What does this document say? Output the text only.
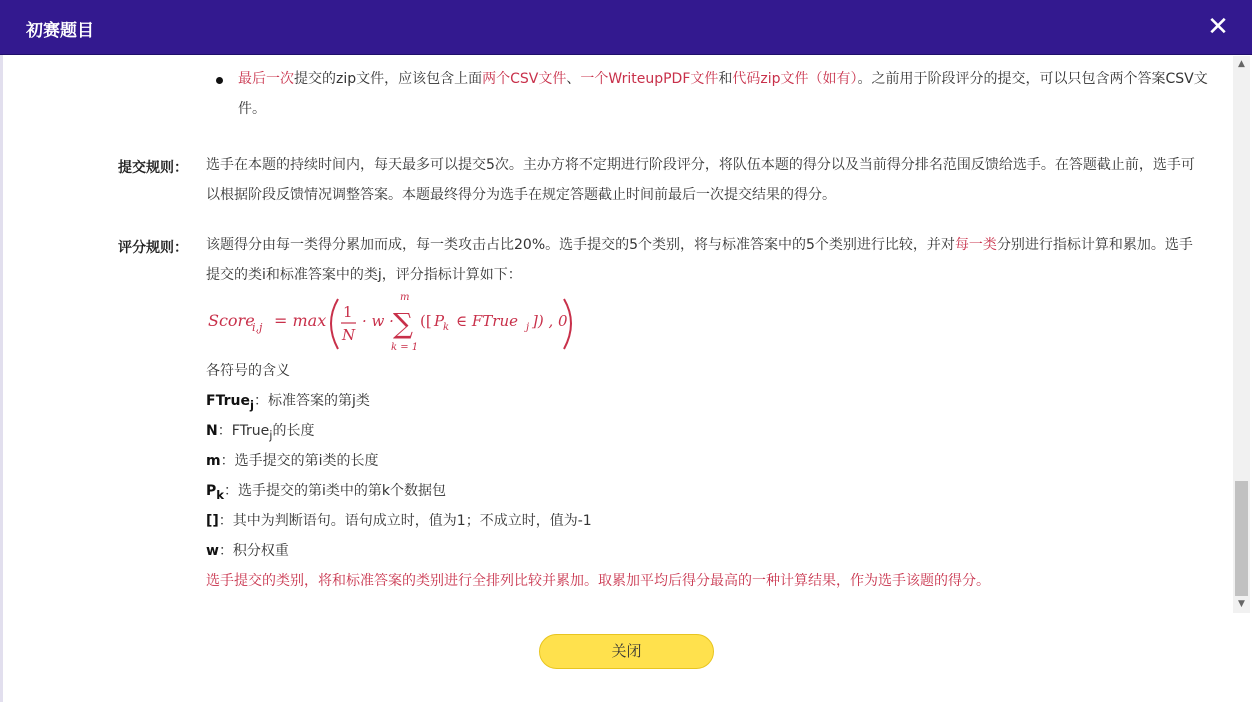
初赛题目	✕
最后一次提交的zip文件，应该包含上面两个CSV文件、一个WriteupPDF文件和代码zip文件（如有）。之前用于阶段评分的提交，可以只包含两个答案CSV文件。
提交规则： 选手在本题的持续时间内，每天最多可以提交5次。主办方将不定期进行阶段评分，将队伍本题的得分以及当前得分排名范围反馈给选手。在答题截止前，选手可以根据阶段反馈情况调整答案。本题最终得分为选手在规定答题截止时间前最后一次提交结果的得分。
评分规则： 该题得分由每一类得分累加而成，每一类攻击占比20%。选手提交的5个类别，将与标准答案中的5个类别进行比较，并对每一类分别进行指标计算和累加。选手提交的类i和标准答案中的类j，评分指标计算如下：
Score
i,j = max 1
N
· w ·
m
∑
k = 1
([ P
k ∈ FTrue j ]) , 0
各符号的含义
FTrue$_j$：标准答案的第j类
N：FTrue$_j$的长度
m：选手提交的第i类的长度
$P_k$：选手提交的第i类中的第k个数据包
[]：其中为判断语句。语句成立时，值为1；不成立时，值为-1
w：积分权重
选手提交的类别，将和标准答案的类别进行全排列比较并累加。取累加平均后得分最高的一种计算结果，作为选手该题的得分。
▲
▼
关闭
